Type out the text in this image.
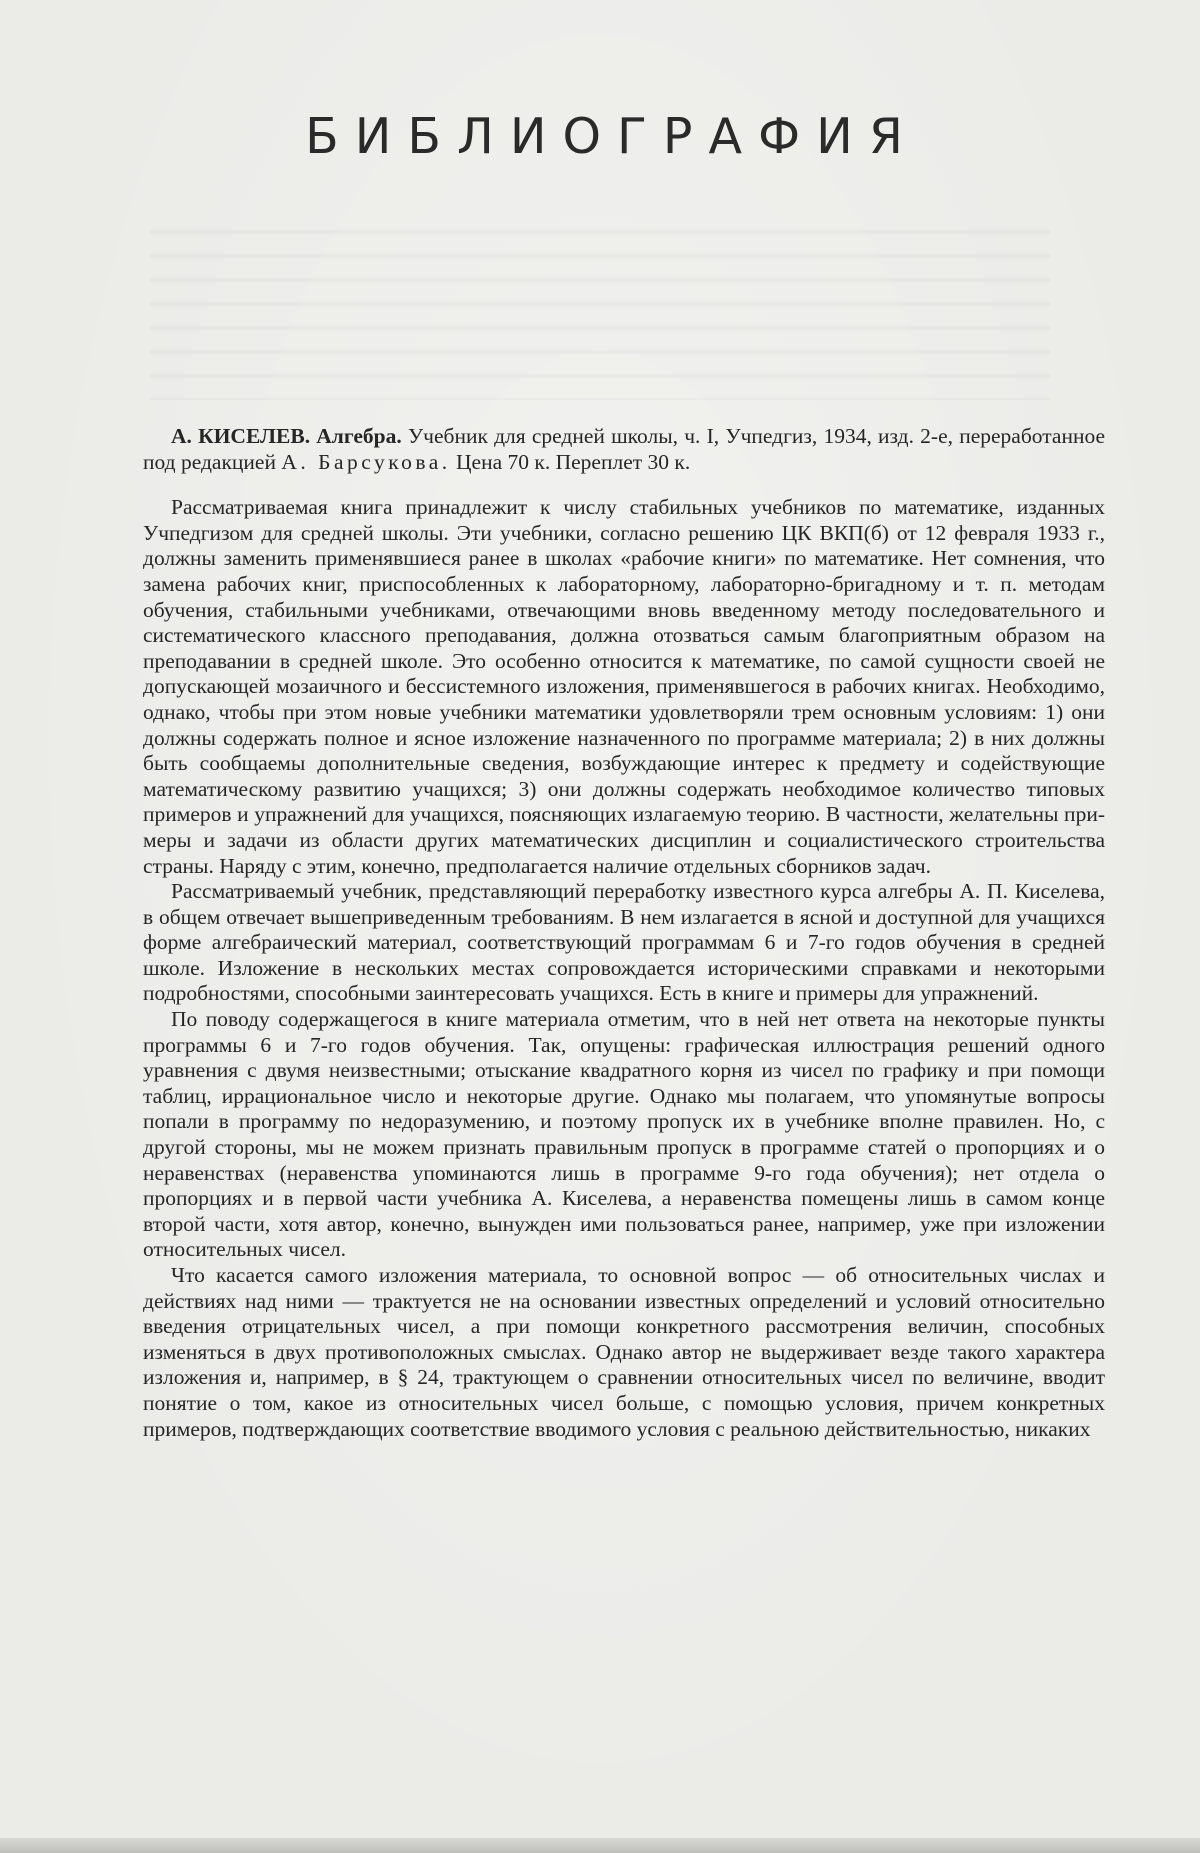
БИБЛИОГРАФИЯ

А. КИСЕЛЕВ. Алгебра. Учебник для средней школы, ч. I, Учпедгиз, 1934, изд. 2-е, переработанное под редакцией А. Барсукова. Цена 70 к. Переплет 30 к.

Рассматриваемая книга принадлежит к числу стабильных учебников по математике, изданных Учпедгизом для средней школы. Эти учебники, согласно решению ЦК ВКП(б) от 12 февраля 1933 г., должны заменить применявшиеся ранее в школах «рабочие книги» по математике. Нет сомнения, что замена рабочих книг, приспособленных к лабораторному, лабораторно-бригадному и т. п. методам обучения, стабильными учебниками, отвечающими вновь введенному методу последовательного и систематического классного преподавания, должна отозваться самым благоприятным образом на преподавании в средней школе. Это особенно относится к математике, по самой сущности своей не допускающей мозаичного и бессистемного изложения, применявшегося в рабочих книгах. Необходимо, однако, чтобы при этом новые учебники математики удовлетворяли трем основным условиям: 1) они должны содержать полное и ясное изложение назначенного по программе материала; 2) в них должны быть сообщаемы дополнительные сведения, возбуждающие интерес к предмету и содействующие математическому развитию учащихся; 3) они должны содержать необходимое количество типовых примеров и упражнений для учащихся, поясняющих излагаемую теорию. В частности, желательны примеры и задачи из области других математических дисциплин и социалистического строительства страны. Наряду с этим, конечно, предполагается наличие отдельных сборников задач.

Рассматриваемый учебник, представляющий переработку известного курса алгебры А. П. Киселева, в общем отвечает вышеприведенным требованиям. В нем излагается в ясной и доступной для учащихся форме алгебраический материал, соответствующий программам 6 и 7-го годов обучения в средней школе. Изложение в нескольких местах сопровождается историческими справками и некоторыми подробностями, способными заинтересовать учащихся. Есть в книге и примеры для упражнений.

По поводу содержащегося в книге материала отметим, что в ней нет ответа на некоторые пункты программы 6 и 7-го годов обучения. Так, опущены: графическая иллюстрация решений одного уравнения с двумя неизвестными; отыскание квадратного корня из чисел по графику и при помощи таблиц, иррациональное число и некоторые другие. Однако мы полагаем, что упомянутые вопросы попали в программу по недоразумению, и поэтому пропуск их в учебнике вполне правилен. Но, с другой стороны, мы не можем признать правильным пропуск в программе статей о пропорциях и о неравенствах (неравенства упоминаются лишь в программе 9-го года обучения); нет отдела о пропорциях и в первой части учебника А. Киселева, а неравенства помещены лишь в самом конце второй части, хотя автор, конечно, вынужден ими пользоваться ранее, например, уже при изложении относительных чисел.

Что касается самого изложения материала, то основной вопрос — об относительных числах и действиях над ними — трактуется не на основании известных определений и условий относительно введения отрицательных чисел, а при помощи конкретного рассмотрения величин, способных изменяться в двух противоположных смыслах. Однако автор не выдерживает везде такого характера изложения и, например, в § 24, трактующем о сравнении относительных чисел по величине, вводит понятие о том, какое из относительных чисел больше, с помощью условия, причем конкретных примеров, подтверждающих соответствие вводимого условия с реальною действительностью, никаких
